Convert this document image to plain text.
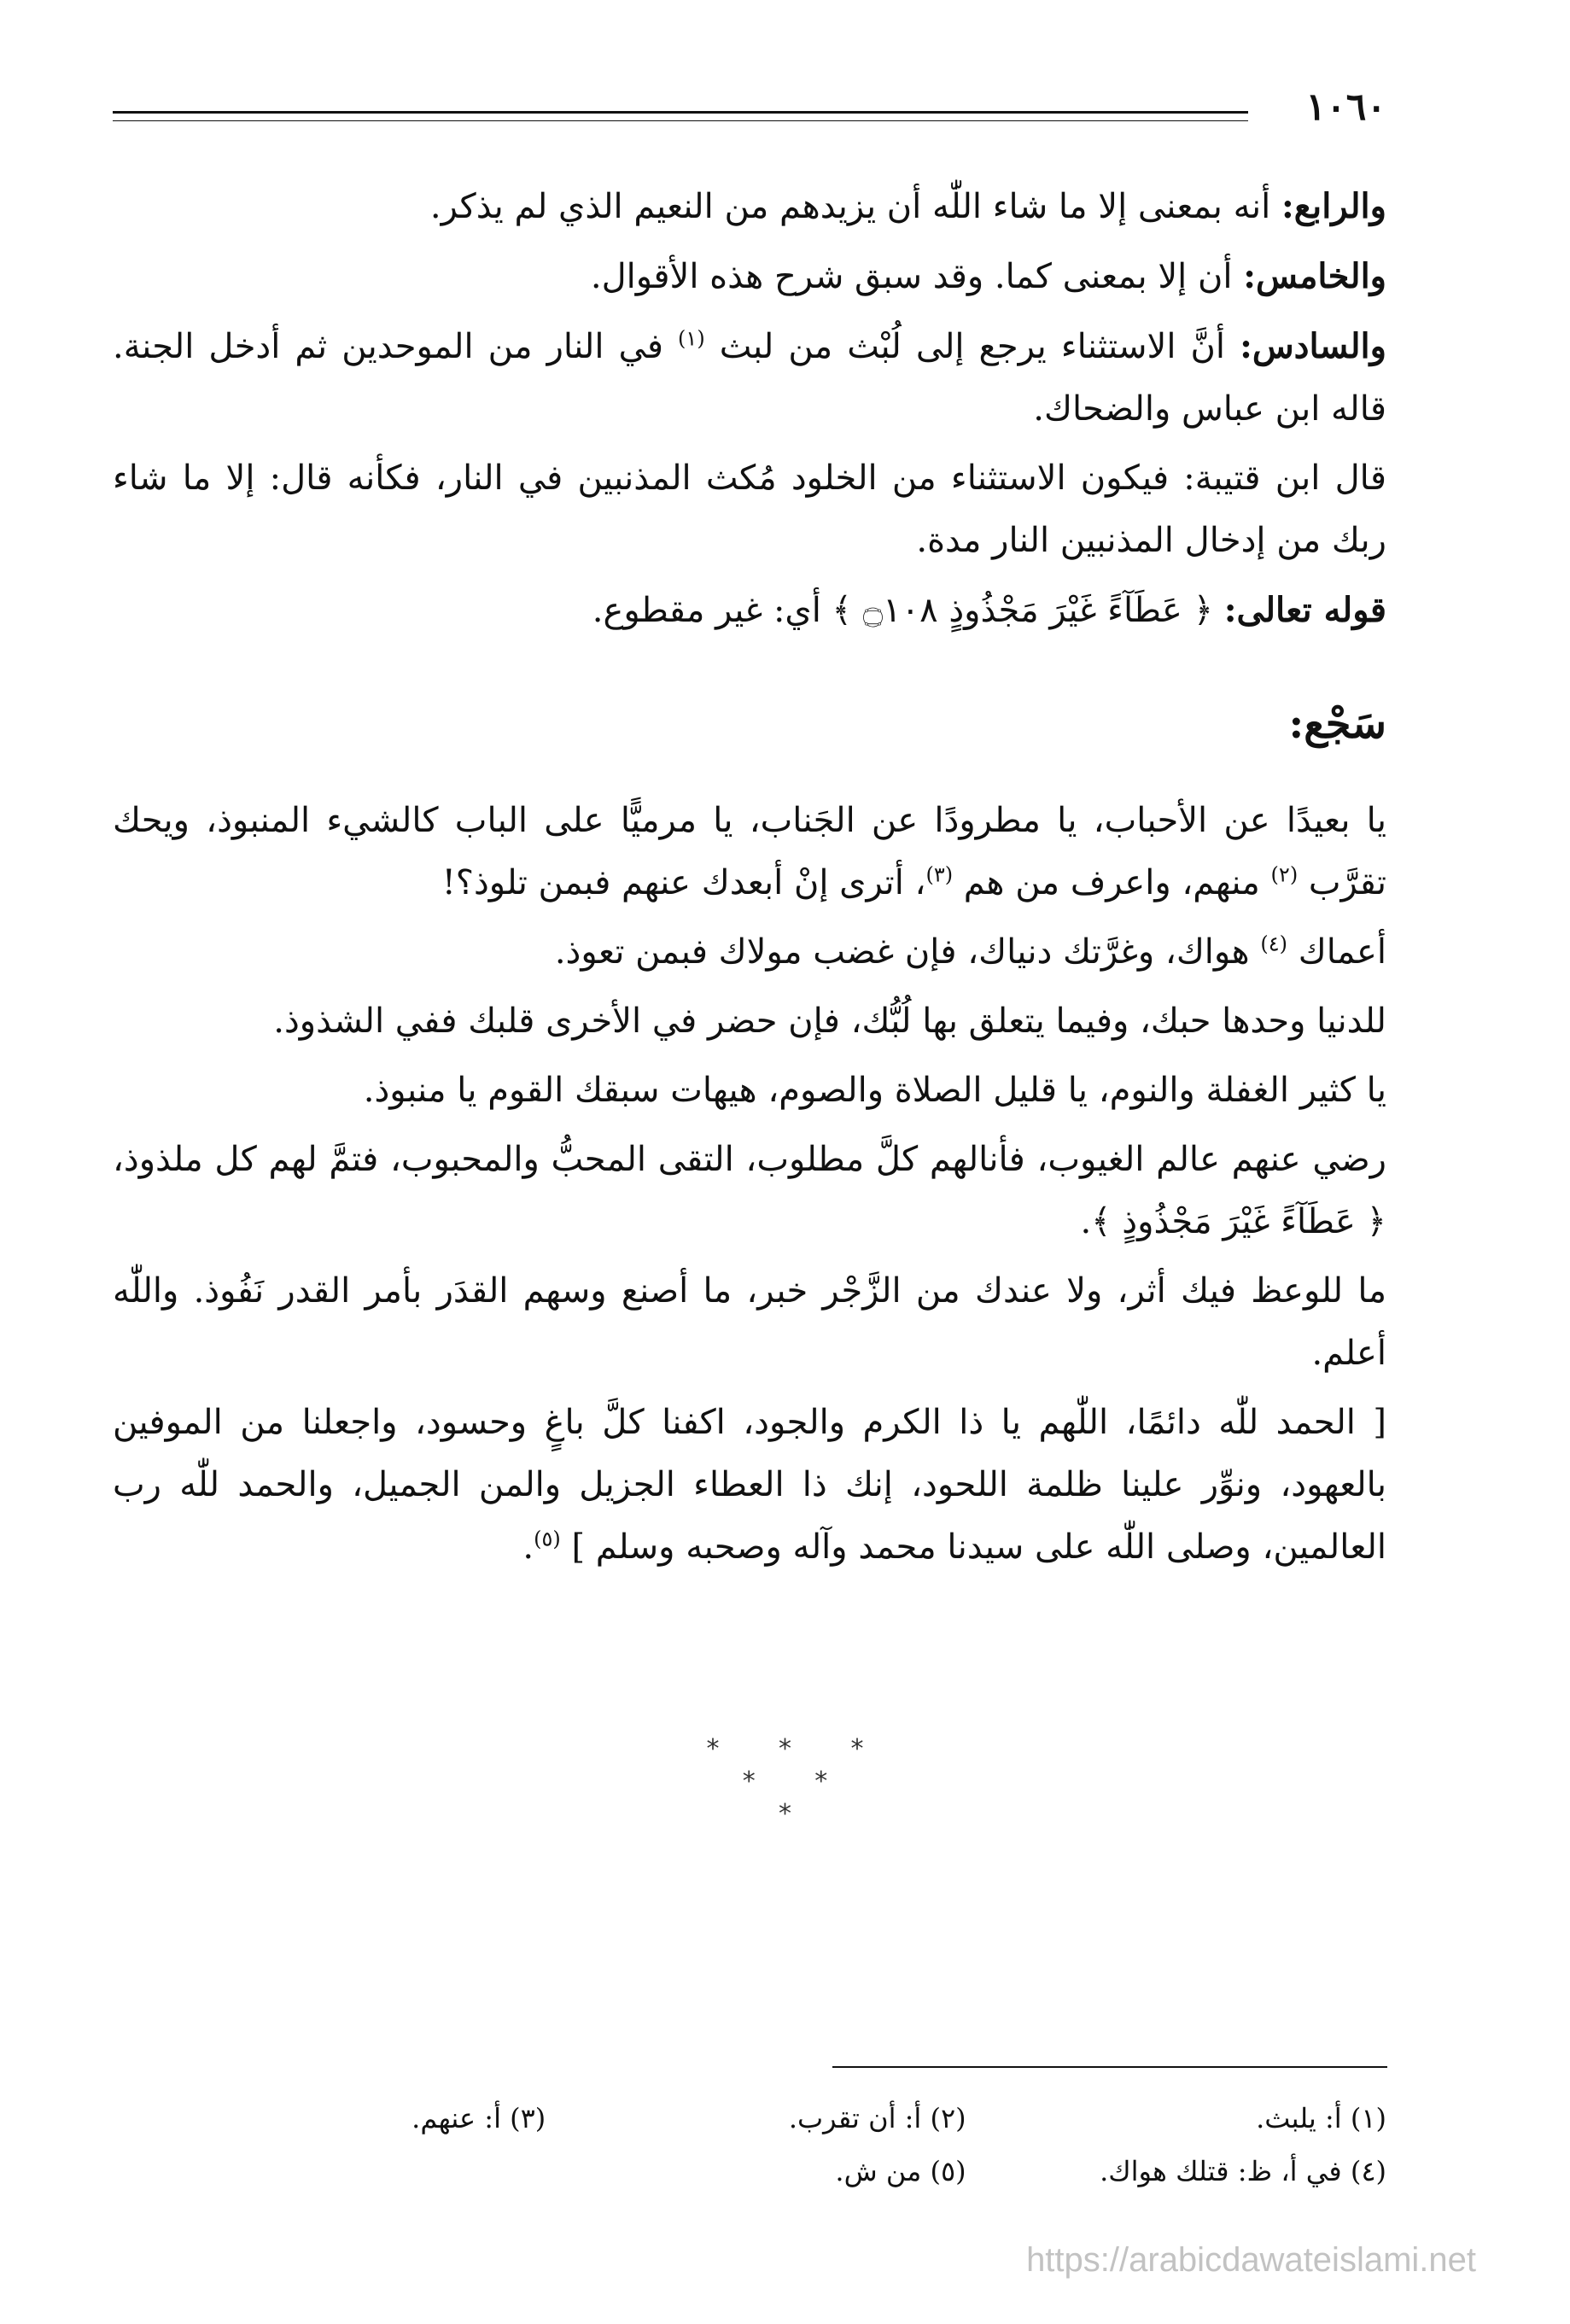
١٠٦٠

والرابع: أنه بمعنى إلا ما شاء اللّٰه أن يزيدهم من النعيم الذي لم يذكر.

والخامس: أن إلا بمعنى كما. وقد سبق شرح هذه الأقوال.

والسادس: أنَّ الاستثناء يرجع إلى لُبْث من لبث $^{(١)}$ في النار من الموحدين ثم أدخل الجنة. قاله ابن عباس والضحاك.

قال ابن قتيبة: فيكون الاستثناء من الخلود مُكث المذنبين في النار، فكأنه قال: إلا ما شاء ربك من إدخال المذنبين النار مدة.

قوله تعالى: ﴿ عَطَآءً غَيْرَ مَجْذُوذٍ ۝١٠٨ ﴾ أي: غير مقطوع.

سَجْع:

يا بعيدًا عن الأحباب، يا مطرودًا عن الجَناب، يا مرميًّا على الباب كالشيء المنبوذ، ويحك تقرَّب $^{(٢)}$ منهم، واعرف من هم $^{(٣)}$، أترى إنْ أبعدك عنهم فبمن تلوذ؟!

أعماك $^{(٤)}$ هواك، وغرَّتك دنياك، فإن غضب مولاك فبمن تعوذ.

للدنيا وحدها حبك، وفيما يتعلق بها لُبُّك، فإن حضر في الأخرى قلبك ففي الشذوذ.

يا كثير الغفلة والنوم، يا قليل الصلاة والصوم، هيهات سبقك القوم يا منبوذ.

رضي عنهم عالم الغيوب، فأنالهم كلَّ مطلوب، التقى المحبُّ والمحبوب، فتمَّ لهم كل ملذوذ، ﴿ عَطَآءً غَيْرَ مَجْذُوذٍ ﴾.

ما للوعظ فيك أثر، ولا عندك من الزَّجْر خبر، ما أصنع وسهم القدَر بأمر القدر نَفُوذ. واللّٰه أعلم.

[ الحمد للّٰه دائمًا، اللّٰهم يا ذا الكرم والجود، اكفنا كلَّ باغٍ وحسود، واجعلنا من الموفين بالعهود، ونوِّر علينا ظلمة اللحود، إنك ذا العطاء الجزيل والمن الجميل، والحمد للّٰه رب العالمين، وصلى اللّٰه على سيدنا محمد وآله وصحبه وسلم ] $^{(٥)}$.

* * *
* *
*
(١) أ: يلبث.
(٢) أ: أن تقرب.
(٣) أ: عنهم.
(٤) في أ، ظ: قتلك هواك.
(٥) من ش.
https://arabicdawateislami.net
